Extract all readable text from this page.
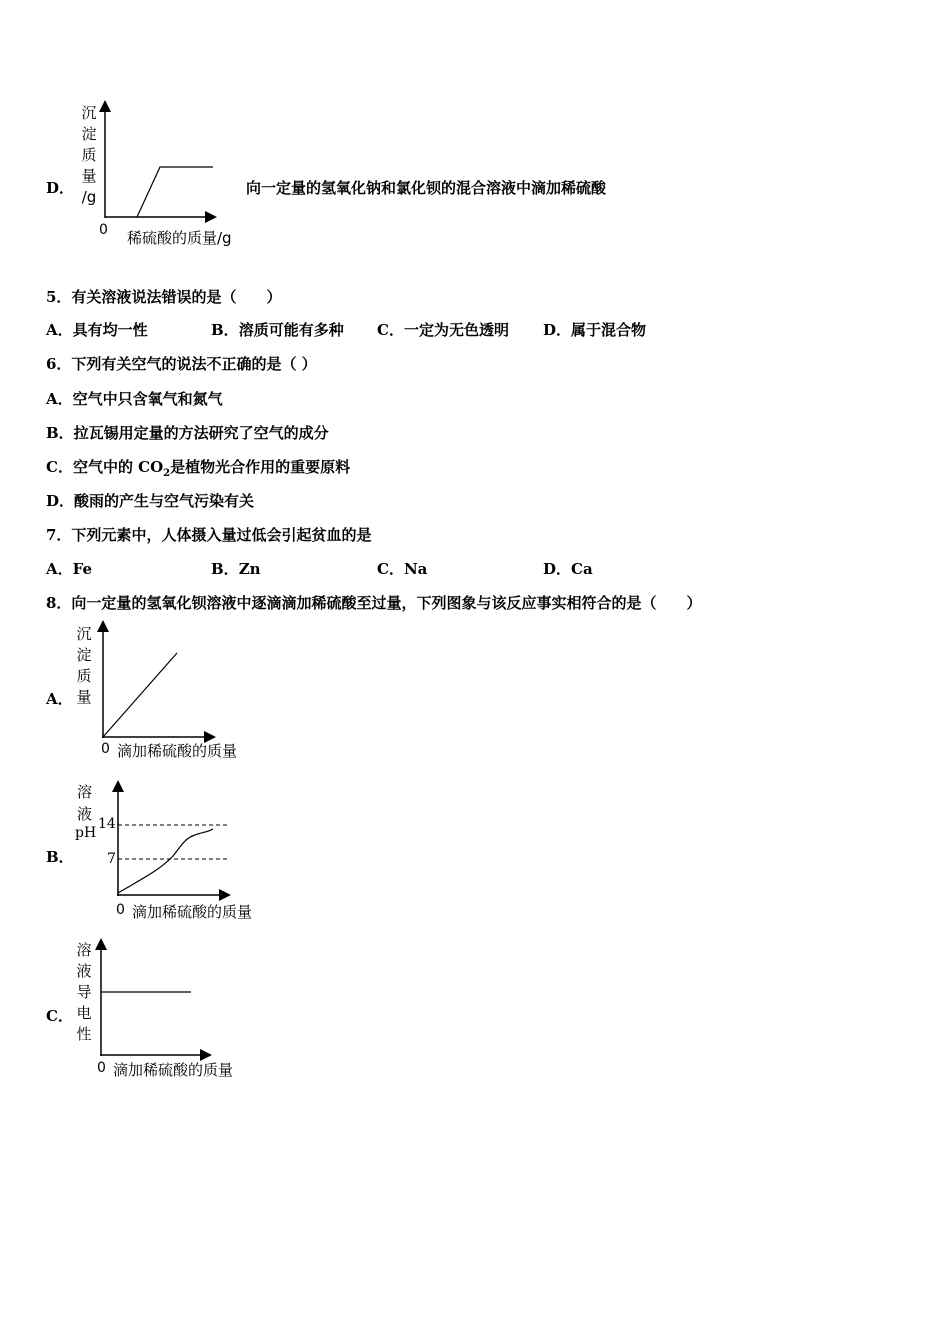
D．
沉
淀
质
量
/g
0 稀硫酸的质量/g
向一定量的氢氧化钠和氯化钡的混合溶液中滴加稀硫酸
5．有关溶液说法错误的是（　　）
A．具有均一性	B．溶质可能有多种 C．一定为无色透明 D．属于混合物
6．下列有关空气的说法不正确的是（ ）
A．空气中只含氧气和氮气
B．拉瓦锡用定量的方法研究了空气的成分
C．空气中的 $CO_2$是植物光合作用的重要原料
D．酸雨的产生与空气污染有关
7．下列元素中，人体摄入量过低会引起贫血的是
A．Fe	B．Zn	C．Na	D．Ca
8．向一定量的氢氧化钡溶液中逐滴滴加稀硫酸至过量，下列图象与该反应事实相符合的是（　　）
A．
沉
淀
质
量
0 滴加稀硫酸的质量
B．
溶
液
pH
14
7
0 滴加稀硫酸的质量
C．
溶
液
导
电
性
0 滴加稀硫酸的质量
